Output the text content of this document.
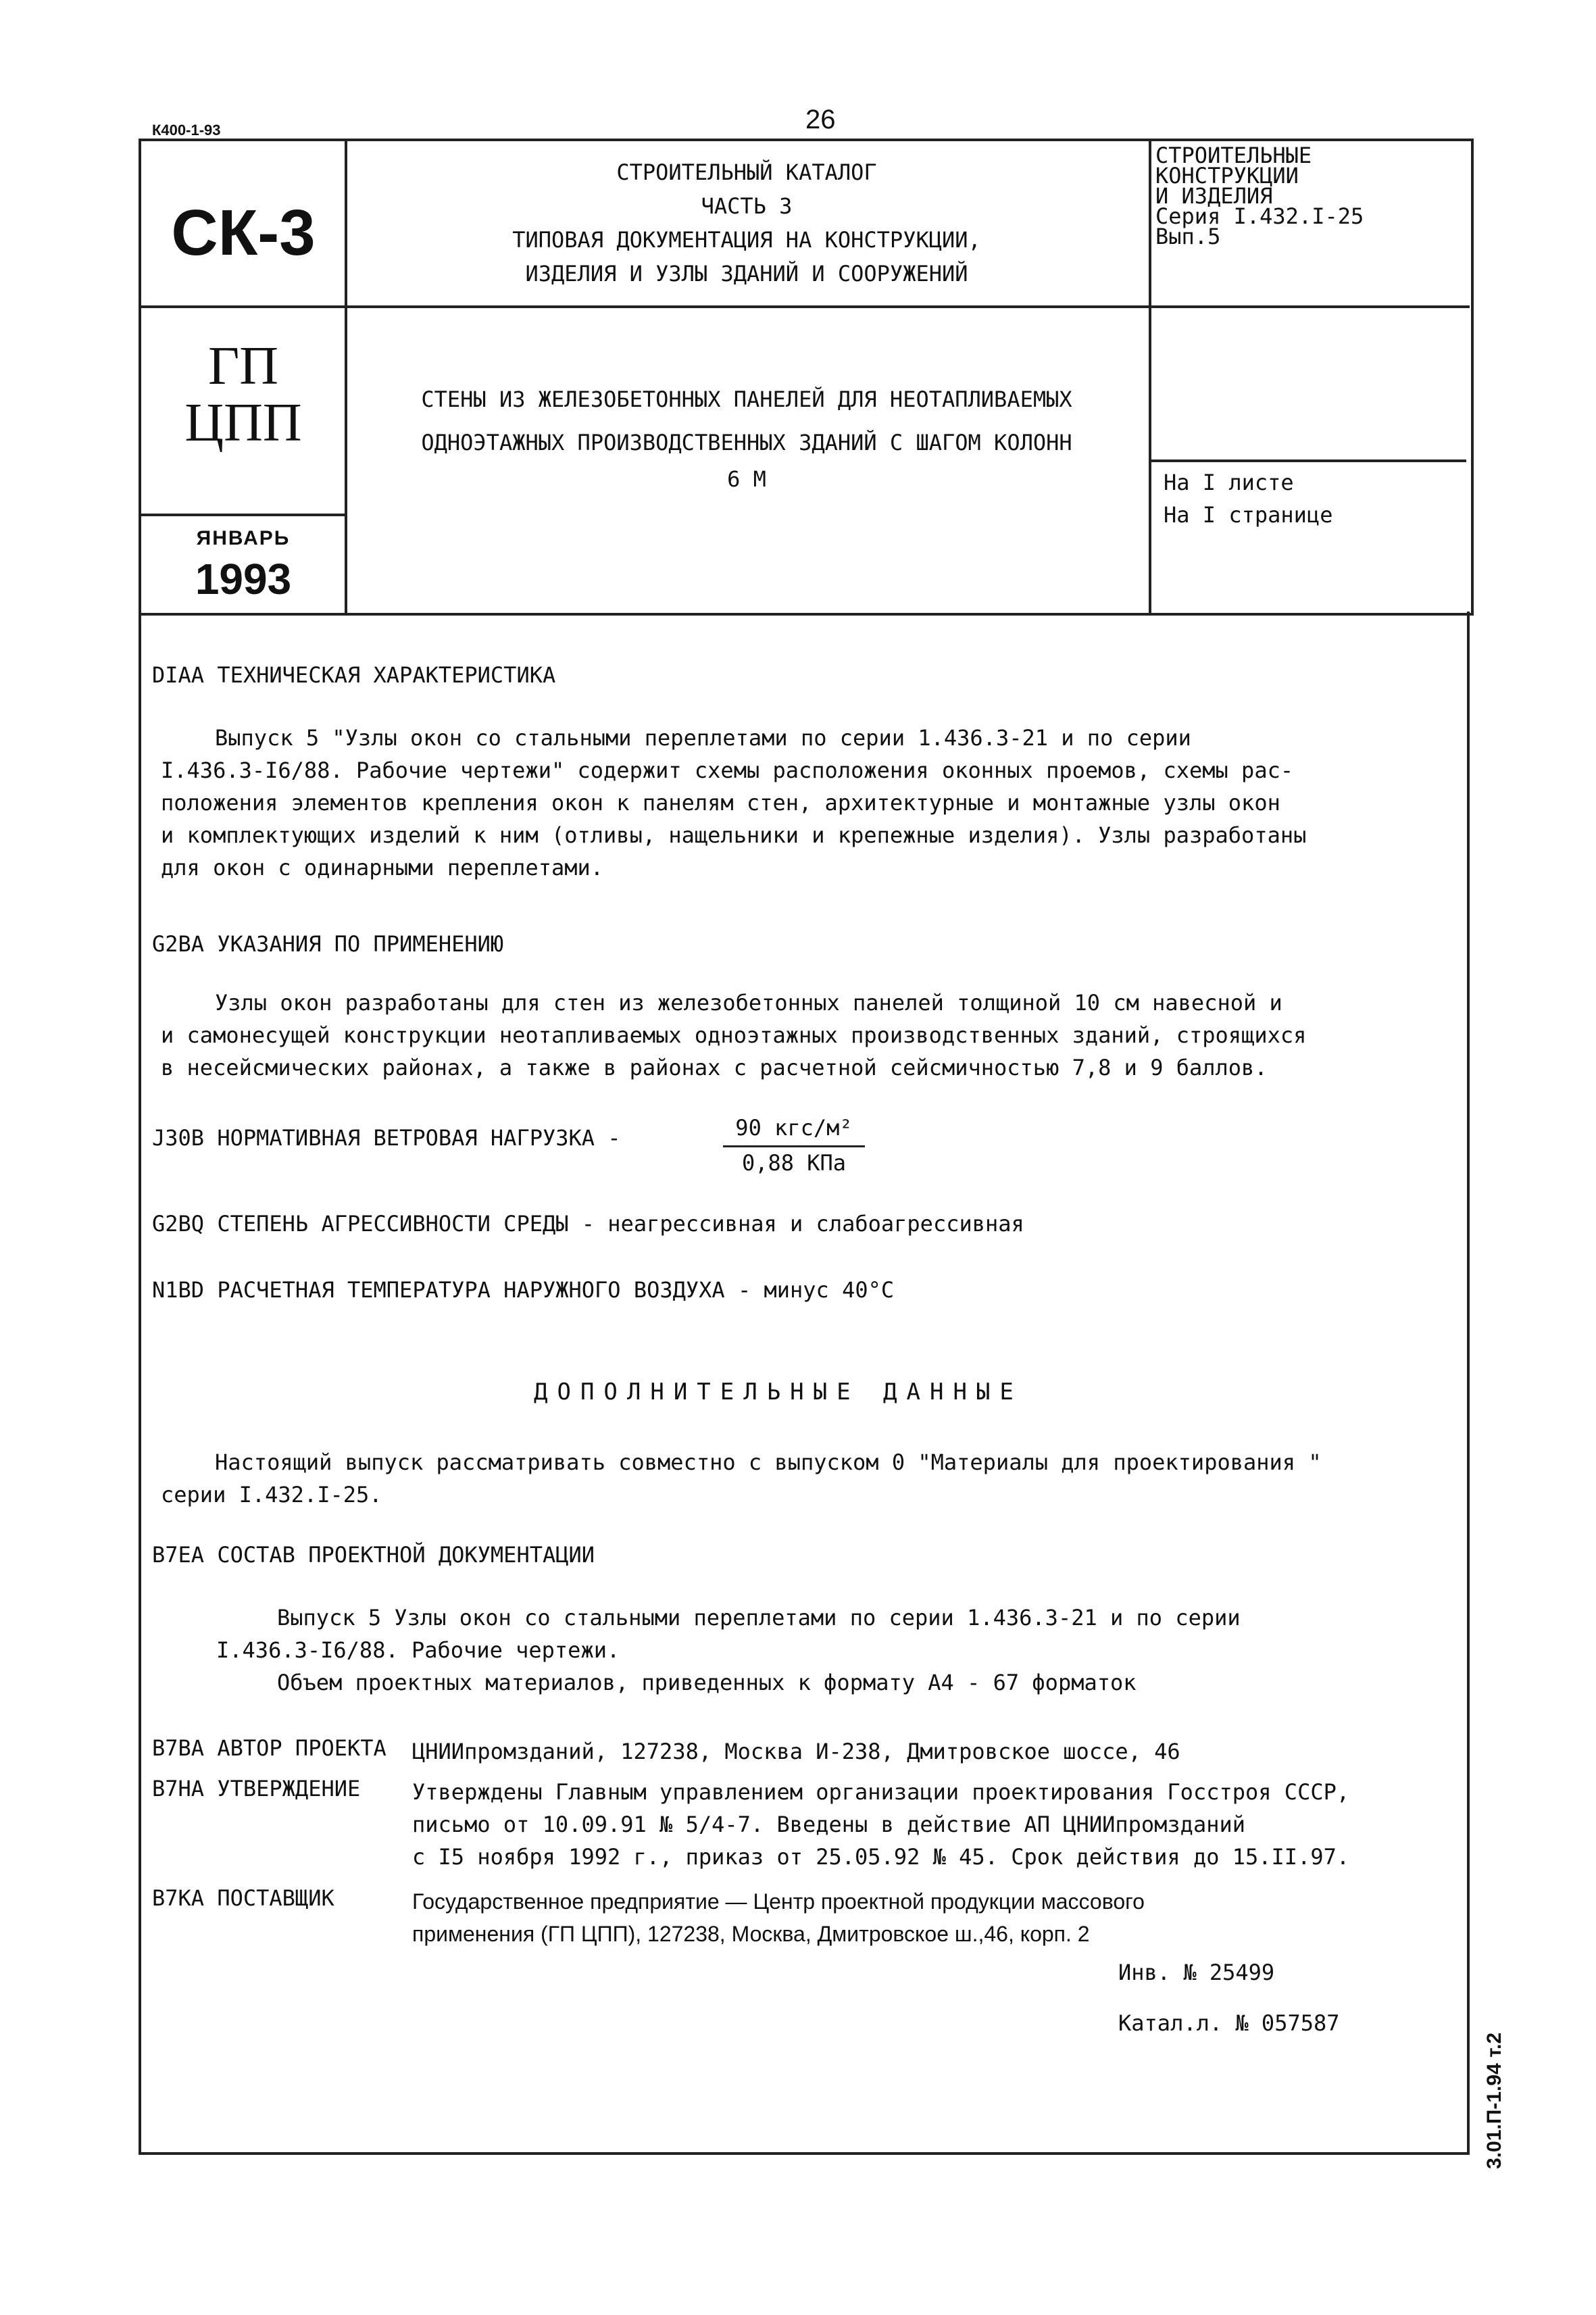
К400-1-93	26
СК-3
СТРОИТЕЛЬНЫЙ КАТАЛОГ
ЧАСТЬ 3
ТИПОВАЯ ДОКУМЕНТАЦИЯ НА КОНСТРУКЦИИ,
ИЗДЕЛИЯ И УЗЛЫ ЗДАНИЙ И СООРУЖЕНИЙ
СТРОИТЕЛЬНЫЕ
КОНСТРУКЦИИ
И ИЗДЕЛИЯ
Серия I.432.I-25
Вып.5
ГП
ЦПП	СТЕНЫ ИЗ ЖЕЛЕЗОБЕТОННЫХ ПАНЕЛЕЙ ДЛЯ НЕОТАПЛИВАЕМЫХ
ОДНОЭТАЖНЫХ ПРОИЗВОДСТВЕННЫХ ЗДАНИЙ С ШАГОМ КОЛОНН
6 М	На I листе
На I странице
ЯНВАРЬ
1993
DIAA ТЕХНИЧЕСКАЯ ХАРАКТЕРИСТИКА
Выпуск 5 "Узлы окон со стальными переплетами по серии 1.436.3-21 и по серии
I.436.3-I6/88. Рабочие чертежи" содержит схемы расположения оконных проемов, схемы рас-
положения элементов крепления окон к панелям стен, архитектурные и монтажные узлы окон
и комплектующих изделий к ним (отливы, нащельники и крепежные изделия). Узлы разработаны
для окон с одинарными переплетами.
G2BA УКАЗАНИЯ ПО ПРИМЕНЕНИЮ
Узлы окон разработаны для стен из железобетонных панелей толщиной 10 см навесной и
и самонесущей конструкции неотапливаемых одноэтажных производственных зданий, строящихся
в несейсмических районах, а также в районах с расчетной сейсмичностью 7,8 и 9 баллов.
J30B НОРМАТИВНАЯ ВЕТРОВАЯ НАГРУЗКА -	90 кгс/м²
0,88 КПа
G2BQ СТЕПЕНЬ АГРЕССИВНОСТИ СРЕДЫ - неагрессивная и слабоагрессивная
N1BD РАСЧЕТНАЯ ТЕМПЕРАТУРА НАРУЖНОГО ВОЗДУХА - минус 40°С
ДОПОЛНИТЕЛЬНЫЕ ДАННЫЕ
Настоящий выпуск рассматривать совместно с выпуском 0 "Материалы для проектирования "
серии I.432.I-25.
B7EA СОСТАВ ПРОЕКТНОЙ ДОКУМЕНТАЦИИ
Выпуск 5 Узлы окон со стальными переплетами по серии 1.436.3-21 и по серии
I.436.3-I6/88. Рабочие чертежи.
Объем проектных материалов, приведенных к формату А4 - 67 форматок
B7BA АВТОР ПРОЕКТА ЦНИИпромзданий, 127238, Москва И-238, Дмитровское шоссе, 46
B7HA УТВЕРЖДЕНИЕ Утверждены Главным управлением организации проектирования Госстроя СССР,
письмо от 10.09.91 № 5/4-7. Введены в действие АП ЦНИИпромзданий
с I5 ноября 1992 г., приказ от 25.05.92 № 45. Срок действия до 15.II.97.
B7KA ПОСТАВЩИК	Государственное предприятие — Центр проектной продукции массового
применения (ГП ЦПП), 127238, Москва, Дмитровское ш.,46, корп. 2
Инв. № 25499
Катал.л. № 057587
3.01.П-1.94 т.2
